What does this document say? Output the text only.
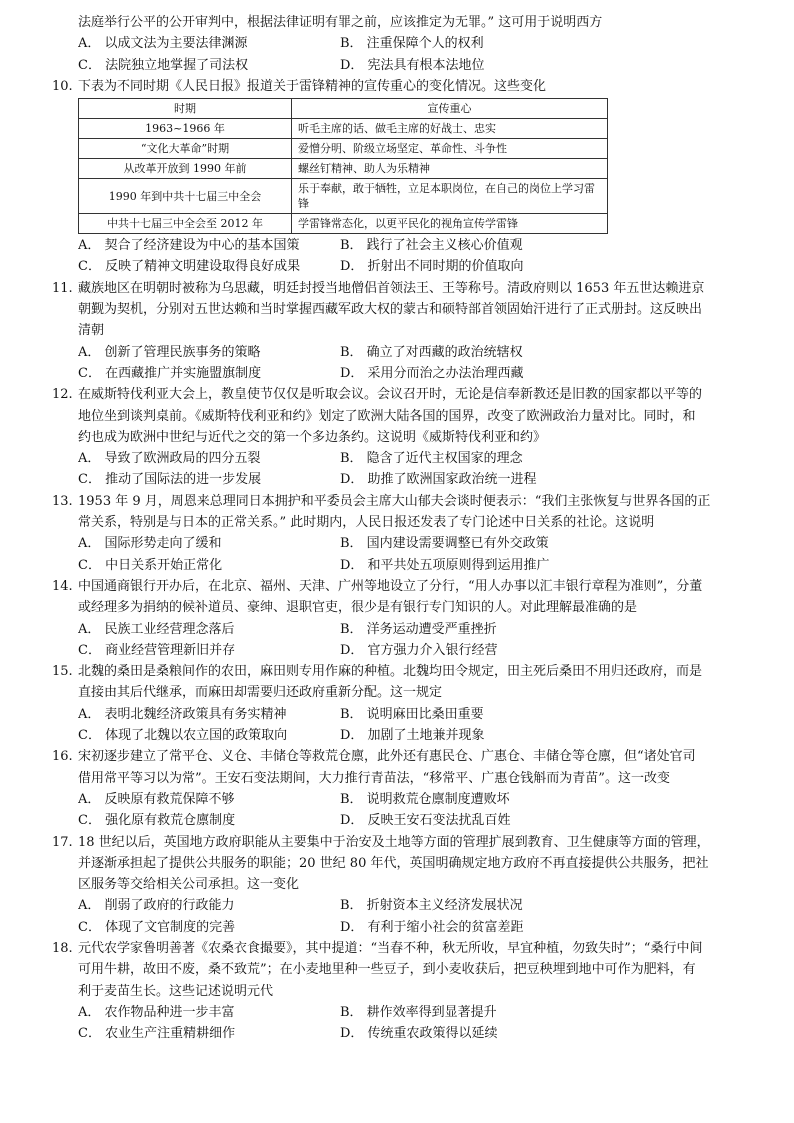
法庭举行公平的公开审判中，根据法律证明有罪之前，应该推定为无罪。” 这可用于说明西方
A． 以成文法为主要法律渊源	B． 注重保障个人的权利
C． 法院独立地掌握了司法权	D． 宪法具有根本法地位
10. 下表为不同时期《人民日报》报道关于雷锋精神的宣传重心的变化情况。这些变化
时期	宣传重心
1963~1966 年	听毛主席的话、做毛主席的好战士、忠实
“文化大革命”时期	爱憎分明、阶级立场坚定、革命性、斗争性
从改革开放到 1990 年前	螺丝钉精神、助人为乐精神
1990 年到中共十七届三中全会	乐于奉献，敢于牺牲，立足本职岗位，在自己的岗位上学习雷锋
中共十七届三中全会至 2012 年	学雷锋常态化，以更平民化的视角宣传学雷锋
A． 契合了经济建设为中心的基本国策	B． 践行了社会主义核心价值观
C． 反映了精神文明建设取得良好成果	D． 折射出不同时期的价值取向
11. 藏族地区在明朝时被称为乌思藏，明廷封授当地僧侣首领法王、王等称号。清政府则以 1653 年五世达赖进京
朝觐为契机，分别对五世达赖和当时掌握西藏军政大权的蒙古和硕特部首领固始汗进行了正式册封。这反映出
清朝
A． 创新了管理民族事务的策略	B． 确立了对西藏的政治统辖权
C． 在西藏推广并实施盟旗制度	D． 采用分而治之办法治理西藏
12. 在威斯特伐利亚大会上，教皇使节仅仅是听取会议。会议召开时，无论是信奉新教还是旧教的国家都以平等的
地位坐到谈判桌前。《威斯特伐利亚和约》划定了欧洲大陆各国的国界，改变了欧洲政治力量对比。同时，和
约也成为欧洲中世纪与近代之交的第一个多边条约。这说明《威斯特伐利亚和约》
A． 导致了欧洲政局的四分五裂	B． 隐含了近代主权国家的理念
C． 推动了国际法的进一步发展	D． 助推了欧洲国家政治统一进程
13. 1953 年 9 月，周恩来总理同日本拥护和平委员会主席大山郁夫会谈时便表示：“我们主张恢复与世界各国的正
常关系，特别是与日本的正常关系。” 此时期内，人民日报还发表了专门论述中日关系的社论。这说明
A． 国际形势走向了缓和	B． 国内建设需要调整已有外交政策
C． 中日关系开始正常化	D． 和平共处五项原则得到运用推广
14. 中国通商银行开办后，在北京、福州、天津、广州等地设立了分行，“用人办事以汇丰银行章程为准则”，分董
或经理多为捐纳的候补道员、豪绅、退职官吏，很少是有银行专门知识的人。对此理解最准确的是
A． 民族工业经营理念落后	B． 洋务运动遭受严重挫折
C． 商业经营管理新旧并存	D． 官方强力介入银行经营
15. 北魏的桑田是桑粮间作的农田，麻田则专用作麻的种植。北魏均田令规定，田主死后桑田不用归还政府，而是
直接由其后代继承，而麻田却需要归还政府重新分配。这一规定
A． 表明北魏经济政策具有务实精神	B． 说明麻田比桑田重要
C． 体现了北魏以农立国的政策取向	D． 加剧了土地兼并现象
16. 宋初逐步建立了常平仓、义仓、丰储仓等救荒仓廪，此外还有惠民仓、广惠仓、丰储仓等仓廪，但“诸处官司
借用常平等习以为常”。王安石变法期间，大力推行青苗法，“移常平、广惠仓钱斛而为青苗”。这一改变
A． 反映原有救荒保障不够	B． 说明救荒仓廪制度遭败坏
C． 强化原有救荒仓廪制度	D． 反映王安石变法扰乱百姓
17. 18 世纪以后，英国地方政府职能从主要集中于治安及土地等方面的管理扩展到教育、卫生健康等方面的管理，
并逐渐承担起了提供公共服务的职能；20 世纪 80 年代，英国明确规定地方政府不再直接提供公共服务，把社
区服务等交给相关公司承担。这一变化
A． 削弱了政府的行政能力	B． 折射资本主义经济发展状况
C． 体现了文官制度的完善	D． 有利于缩小社会的贫富差距
18. 元代农学家鲁明善著《农桑衣食撮要》，其中提道：“当春不种，秋无所收，早宜种植，勿致失时”；“桑行中间
可用牛耕，故田不废，桑不致荒”；在小麦地里种一些豆子，到小麦收获后，把豆秧埋到地中可作为肥料，有
利于麦苗生长。这些记述说明元代
A． 农作物品种进一步丰富	B． 耕作效率得到显著提升
C． 农业生产注重精耕细作	D． 传统重农政策得以延续
